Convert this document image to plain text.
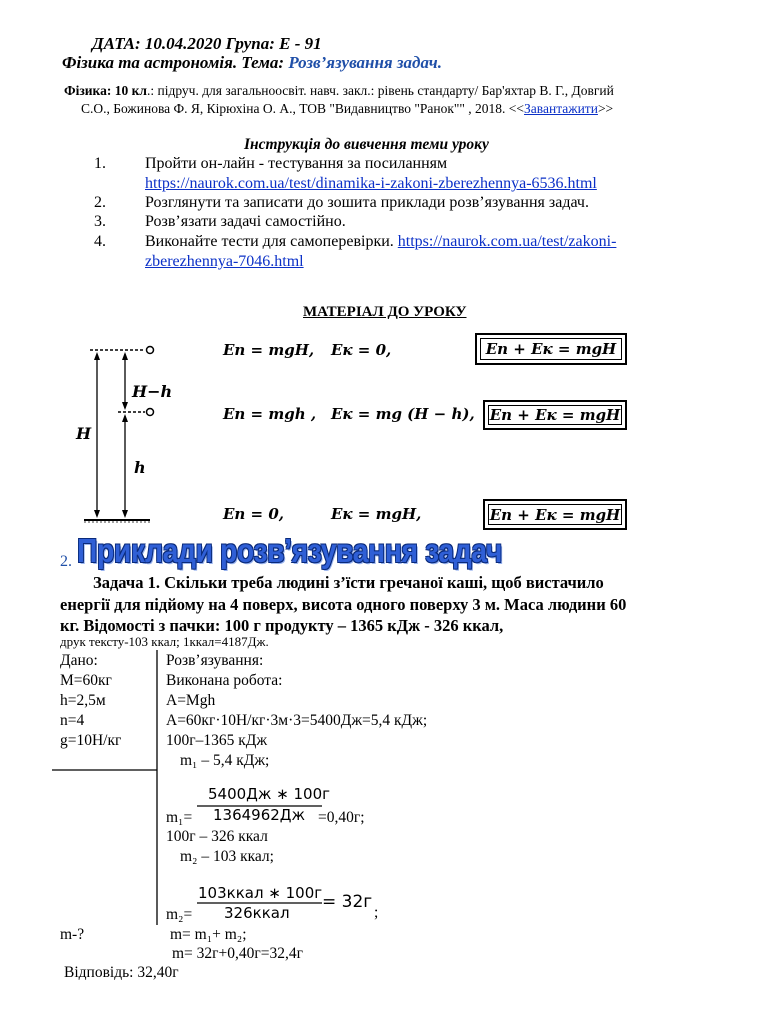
ДАТА: 10.04.2020 Група: Е - 91
Фізика та астрономія. Тема: Розв’язування задач.
Фізика: 10 кл.: підруч. для загальноосвіт. навч. закл.: рівень стандарту/ Бар'яхтар В. Г., Довгий
С.О., Божинова Ф. Я, Кірюхіна О. А., ТОВ "Видавництво "Ранок"" , 2018. <<Завантажити>>
Інструкція до вивчення теми уроку
1. Пройти он-лайн - тестування за посиланням
https://naurok.com.ua/test/dinamika-i-zakoni-zberezhennya-6536.html
2. Розглянути та записати до зошита приклади розв’язування задач.
3. Розв’язати задачі самостійно.
4. Виконайте тести для самоперевірки. https://naurok.com.ua/test/zakoni-
zberezhennya-7046.html
МАТЕРІАЛ ДО УРОКУ
H−h
H
h
Eп = mgH, Eк = 0,	Eп + Eк = mgH
Eп = mgh , Eк = mg (H − h), Eп + Eк = mgH
Eп = 0,	Eк = mgH,	Eп + Eк = mgH
2. Приклади розв’язування задач
Задача 1. Скільки треба людині з’їсти гречаної каші, щоб вистачило
енергії для підйому на 4 поверх, висота одного поверху 3 м. Маса людини 60
кг. Відомості з пачки: 100 г продукту – 1365 кДж - 326 ккал,
друк тексту-103 ккал; 1ккал=4187Дж.
Дано:
М=60кг
h=2,5м
n=4
g=10Н/кг
m-?
Розв’язування:
Виконана робота:
A=Mgh
A=60кг·10Н/кг·3м·3=5400Дж=5,4 кДж;
100г–1365 кДж
m₁ – 5,4 кДж;
5400Дж ∗ 100г
m₁= 1364962Дж =0,40г;
100г – 326 ккал
m₂ – 103 ккал;
103ккал ∗ 100г
m₂= 326ккал
= 32г
;
m= m₁+ m₂;
m= 32г+0,40г=32,4г
Відповідь: 32,40г
